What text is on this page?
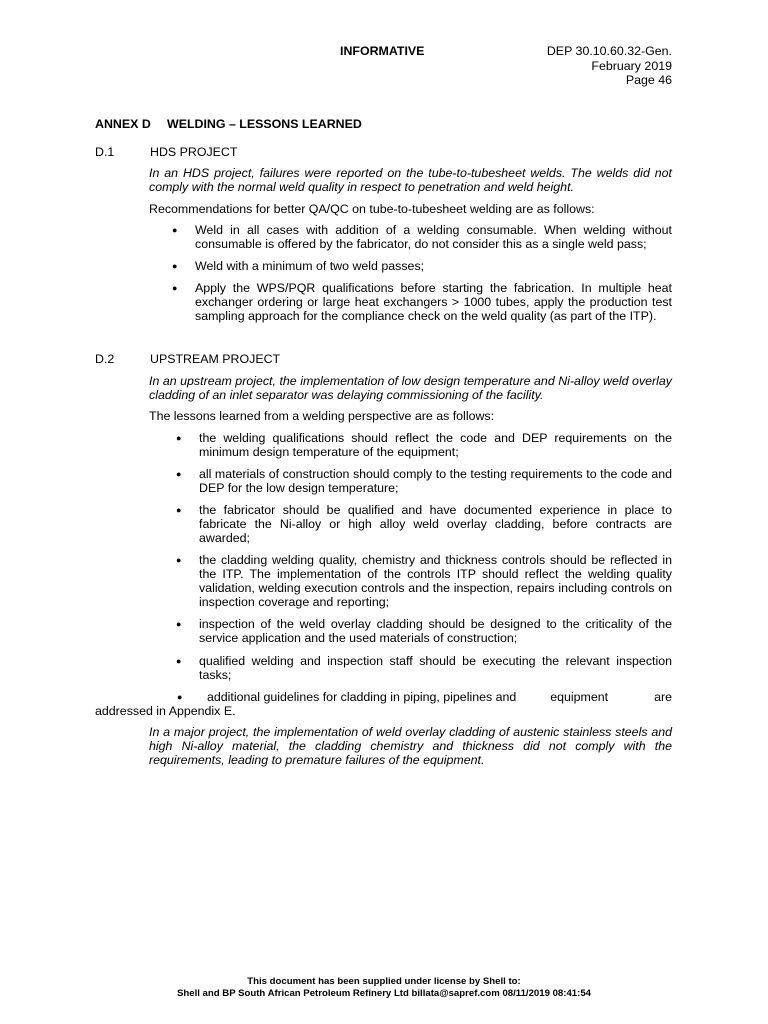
INFORMATIVE	DEP 30.10.60.32-Gen.
February 2019
Page 46
ANNEX D WELDING – LESSONS LEARNED
D.1	HDS PROJECT
In an HDS project, failures were reported on the tube-to-tubesheet welds. The welds did not comply with the normal weld quality in respect to penetration and weld height.
Recommendations for better QA/QC on tube-to-tubesheet welding are as follows:
● Weld in all cases with addition of a welding consumable. When welding without consumable is offered by the fabricator, do not consider this as a single weld pass;
● Weld with a minimum of two weld passes;
● Apply the WPS/PQR qualifications before starting the fabrication. In multiple heat exchanger ordering or large heat exchangers > 1000 tubes, apply the production test sampling approach for the compliance check on the weld quality (as part of the ITP).
D.2	UPSTREAM PROJECT
In an upstream project, the implementation of low design temperature and Ni-alloy weld overlay cladding of an inlet separator was delaying commissioning of the facility.
The lessons learned from a welding perspective are as follows:
● the welding qualifications should reflect the code and DEP requirements on the minimum design temperature of the equipment;
● all materials of construction should comply to the testing requirements to the code and DEP for the low design temperature;
● the fabricator should be qualified and have documented experience in place to fabricate the Ni-alloy or high alloy weld overlay cladding, before contracts are awarded;
● the cladding welding quality, chemistry and thickness controls should be reflected in the ITP. The implementation of the controls ITP should reflect the welding quality validation, welding execution controls and the inspection, repairs including controls on inspection coverage and reporting;
● inspection of the weld overlay cladding should be designed to the criticality of the service application and the used materials of construction;
● qualified welding and inspection staff should be executing the relevant inspection tasks;
●	additional guidelines for cladding in piping, pipelines and	equipment	are
addressed in Appendix E.
In a major project, the implementation of weld overlay cladding of austenic stainless steels and high Ni-alloy material, the cladding chemistry and thickness did not comply with the requirements, leading to premature failures of the equipment.
This document has been supplied under license by Shell to:
Shell and BP South African Petroleum Refinery Ltd billata@sapref.com 08/11/2019 08:41:54
